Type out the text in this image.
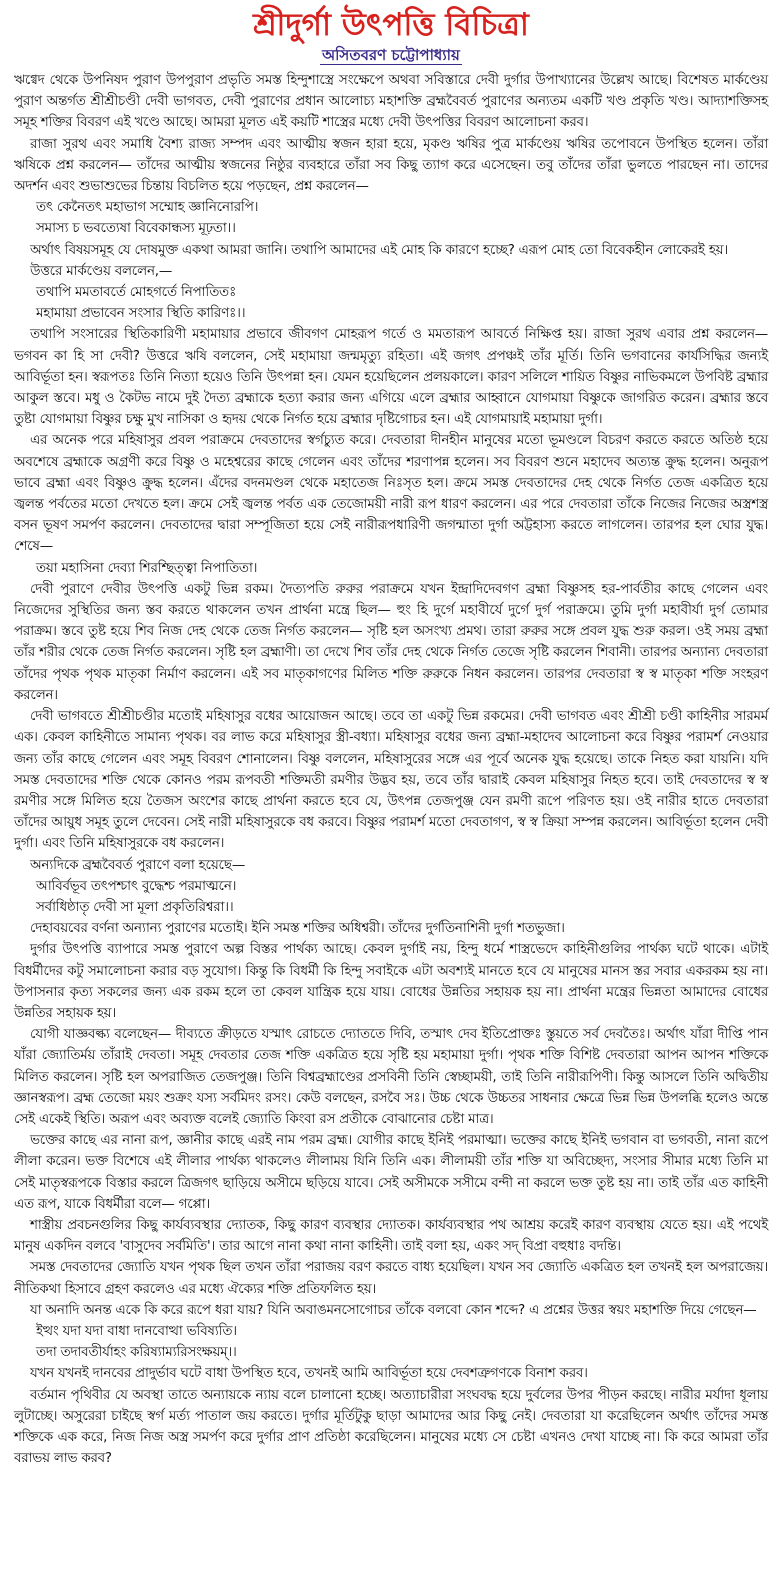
শ্রীদুর্গা উৎপত্তি বিচিত্রা
অসিতবরণ চট্টোপাধ্যায়

ঋগ্বেদ থেকে উপনিষদ পুরাণ উপপুরাণ প্রভৃতি সমস্ত হিন্দুশাস্ত্রে সংক্ষেপে অথবা সবিস্তারে দেবী দুর্গার উপাখ্যানের উল্লেখ আছে। বিশেষত মার্কণ্ডেয় পুরাণ অন্তর্গত শ্রীশ্রীচণ্ডী দেবী ভাগবত, দেবী পুরাণের প্রধান আলোচ্য মহাশক্তি ব্রহ্মবৈবর্ত পুরাণের অন্যতম একটি খণ্ড প্রকৃতি খণ্ড। আদ্যাশক্তিসহ সমূহ শক্তির বিবরণ এই খণ্ডে আছে। আমরা মূলত এই কয়টি শাস্ত্রের মধ্যে দেবী উৎপত্তির বিবরণ আলোচনা করব।

রাজা সুরথ এবং সমাধি বৈশ্য রাজ্য সম্পদ এবং আত্মীয় স্বজন হারা হয়ে, মৃকণ্ড ঋষির পুত্র মার্কণ্ডেয় ঋষির তপোবনে উপস্থিত হলেন। তাঁরা ঋষিকে প্রশ্ন করলেন— তাঁদের আত্মীয় স্বজনের নিষ্ঠুর ব্যবহারে তাঁরা সব কিছু ত্যাগ করে এসেছেন। তবু তাঁদের তাঁরা ভুলতে পারছেন না। তাদের অদর্শন এবং শুভাশুভের চিন্তায় বিচলিত হয়ে পড়ছেন, প্রশ্ন করলেন—

তৎ কেনৈতৎ মহাভাগ সম্মোহ জ্ঞানিনোরপি।

সমাস্য চ ভবত্যেষা বিবেকান্ধস্য মূঢ়তা।।

অর্থাৎ বিষয়সমূহ যে দোষমুক্ত একথা আমরা জানি। তথাপি আমাদের এই মোহ কি কারণে হচ্ছে? এরূপ মোহ তো বিবেকহীন লোকেরই হয়।

উত্তরে মার্কণ্ডেয় বললেন,—

তথাপি মমতাবর্তে মোহগর্তে নিপাতিতঃ

মহামায়া প্রভাবেন সংসার স্থিতি কারিণঃ।।

তথাপি সংসারের স্থিতিকারিণী মহামায়ার প্রভাবে জীবগণ মোহরূপ গর্তে ও মমতারূপ আবর্তে নিক্ষিপ্ত হয়। রাজা সুরথ এবার প্রশ্ন করলেন— ভগবন কা হি সা দেবী? উত্তরে ঋষি বললেন, সেই মহামায়া জন্মমৃত্যু রহিতা। এই জগৎ প্রপঞ্চই তাঁর মূর্তি। তিনি ভগবানের কার্যসিদ্ধির জন্যই আবির্ভূতা হন। স্বরূপতঃ তিনি নিত্যা হয়েও তিনি উৎপন্না হন। যেমন হয়েছিলেন প্রলয়কালে। কারণ সলিলে শায়িত বিষ্ণুর নাভিকমলে উপবিষ্ট ব্রহ্মার আকুল স্তবে। মধু ও কৈটভ নামে দুই দৈত্য ব্রহ্মাকে হত্যা করার জন্য এগিয়ে এলে ব্রহ্মার আহ্বানে যোগমায়া বিষ্ণুকে জাগরিত করেন। ব্রহ্মার স্তবে তুষ্টা যোগমায়া বিষ্ণুর চক্ষু মুখ নাসিকা ও হৃদয় থেকে নির্গত হয়ে ব্রহ্মার দৃষ্টিগোচর হন। এই যোগমায়াই মহামায়া দুর্গা।

এর অনেক পরে মহিষাসুর প্রবল পরাক্রমে দেবতাদের স্বর্গচ্যুত করে। দেবতারা দীনহীন মানুষের মতো ভূমণ্ডলে বিচরণ করতে করতে অতিষ্ঠ হয়ে অবশেষে ব্রহ্মাকে অগ্রণী করে বিষ্ণু ও মহেশ্বরের কাছে গেলেন এবং তাঁদের শরণাপন্ন হলেন। সব বিবরণ শুনে মহাদেব অত্যন্ত ক্রুদ্ধ হলেন। অনুরূপ ভাবে ব্রহ্মা এবং বিষ্ণুও ক্রুদ্ধ হলেন। এঁদের বদনমণ্ডল থেকে মহাতেজ নিঃসৃত হল। ক্রমে সমস্ত দেবতাদের দেহ থেকে নির্গত তেজ একত্রিত হয়ে জ্বলন্ত পর্বতের মতো দেখতে হল। ক্রমে সেই জ্বলন্ত পর্বত এক তেজোময়ী নারী রূপ ধারণ করলেন। এর পরে দেবতারা তাঁকে নিজের নিজের অস্ত্রশস্ত্র বসন ভূষণ সমর্পণ করলেন। দেবতাদের দ্বারা সম্পূজিতা হয়ে সেই নারীরূপধারিণী জগন্মাতা দুর্গা অট্টহাস্য করতে লাগলেন। তারপর হল ঘোর যুদ্ধ। শেষে—

তয়া মহাসিনা দেব্যা শিরশ্ছিত্ত্বা নিপাতিতা।

দেবী পুরাণে দেবীর উৎপত্তি একটু ভিন্ন রকম। দৈত্যপতি রুরুর পরাক্রমে যখন ইন্দ্রাদিদেবগণ ব্রহ্মা বিষ্ণুসহ হর-পার্বতীর কাছে গেলেন এবং নিজেদের সুস্থিতির জন্য স্তব করতে থাকলেন তখন প্রার্থনা মন্ত্রে ছিল— হুং হি দুর্গে মহাবীর্যে দুর্গে দুর্গ পরাক্রমে। তুমি দুর্গা মহাবীর্যা দুর্গ তোমার পরাক্রম। স্তবে তুষ্ট হয়ে শিব নিজ দেহ থেকে তেজ নির্গত করলেন— সৃষ্টি হল অসংখ্য প্রমথ। তারা রুরুর সঙ্গে প্রবল যুদ্ধ শুরু করল। ওই সময় ব্রহ্মা তাঁর শরীর থেকে তেজ নির্গত করলেন। সৃষ্টি হল ব্রহ্মাণী। তা দেখে শিব তাঁর দেহ থেকে নির্গত তেজে সৃষ্টি করলেন শিবানী। তারপর অন্যান্য দেবতারা তাঁদের পৃথক পৃথক মাতৃকা নির্মাণ করলেন। এই সব মাতৃকাগণের মিলিত শক্তি রুরুকে নিধন করলেন। তারপর দেবতারা স্ব স্ব মাতৃকা শক্তি সংহরণ করলেন।

দেবী ভাগবতে শ্রীশ্রীচণ্ডীর মতোই মহিষাসুর বধের আয়োজন আছে। তবে তা একটু ভিন্ন রকমের। দেবী ভাগবত এবং শ্রীশ্রী চণ্ডী কাহিনীর সারমর্ম এক। কেবল কাহিনীতে সামান্য পৃথক। বর লাভ করে মহিষাসুর স্ত্রী-বধ্যা। মহিষাসুর বধের জন্য ব্রহ্মা-মহাদেব আলোচনা করে বিষ্ণুর পরামর্শ নেওয়ার জন্য তাঁর কাছে গেলেন এবং সমূহ বিবরণ শোনালেন। বিষ্ণু বললেন, মহিষাসুরের সঙ্গে এর পূর্বে অনেক যুদ্ধ হয়েছে। তাকে নিহত করা যায়নি। যদি সমস্ত দেবতাদের শক্তি থেকে কোনও পরম রূপবতী শক্তিমতী রমণীর উদ্ভব হয়, তবে তাঁর দ্বারাই কেবল মহিষাসুর নিহত হবে। তাই দেবতাদের স্ব স্ব রমণীর সঙ্গে মিলিত হয়ে তৈজস অংশের কাছে প্রার্থনা করতে হবে যে, উৎপন্ন তেজপুঞ্জ যেন রমণী রূপে পরিণত হয়। ওই নারীর হাতে দেবতারা তাঁদের আয়ুধ সমূহ তুলে দেবেন। সেই নারী মহিষাসুরকে বধ করবে। বিষ্ণুর পরামর্শ মতো দেবতাগণ, স্ব স্ব ক্রিয়া সম্পন্ন করলেন। আবির্ভূতা হলেন দেবী দুর্গা। এবং তিনি মহিষাসুরকে বধ করলেন।

অন্যদিকে ব্রহ্মবৈবর্ত পুরাণে বলা হয়েছে—

আবির্বভূব তৎপশ্চাৎ বুদ্ধেশ্চ পরমাত্মনে।

সর্বাধিষ্ঠাতৃ দেবী সা মূলা প্রকৃতিরিশ্বরা।।

দেহাবয়বের বর্ণনা অন্যান্য পুরাণের মতোই। ইনি সমস্ত শক্তির অধিশ্বরী। তাঁদের দুর্গতিনাশিনী দুর্গা শতভুজা।

দুর্গার উৎপত্তি ব্যাপারে সমস্ত পুরাণে অল্প বিস্তর পার্থক্য আছে। কেবল দুর্গাই নয়, হিন্দু ধর্মে শাস্ত্রভেদে কাহিনীগুলির পার্থক্য ঘটে থাকে। এটাই বিধর্মীদের কটু সমালোচনা করার বড় সুযোগ। কিন্তু কি বিধর্মী কি হিন্দু সবাইকে এটা অবশ্যই মানতে হবে যে মানুষের মানস স্তর সবার একরকম হয় না। উপাসনার কৃত্য সকলের জন্য এক রকম হলে তা কেবল যান্ত্রিক হয়ে যায়। বোধের উন্নতির সহায়ক হয় না। প্রার্থনা মন্ত্রের ভিন্নতা আমাদের বোধের উন্নতির সহায়ক হয়।

যোগী যাজ্ঞবল্ক্য বলেছেন— দীব্যতে ক্রীড়তে যস্মাৎ রোচতে দ্যোততে দিবি, তস্মাৎ দেব ইতিপ্রোক্তঃ স্তুয়তে সর্ব দেবতৈঃ। অর্থাৎ যাঁরা দীপ্তি পান যাঁরা জ্যোতির্ময় তাঁরাই দেবতা। সমূহ দেবতার তেজ শক্তি একত্রিত হয়ে সৃষ্টি হয় মহামায়া দুর্গা। পৃথক শক্তি বিশিষ্ট দেবতারা আপন আপন শক্তিকে মিলিত করলেন। সৃষ্টি হল অপরাজিত তেজপুঞ্জ। তিনি বিশ্বব্রহ্মাণ্ডের প্রসবিনী তিনি স্বেচ্ছাময়ী, তাই তিনি নারীরূপিণী। কিন্তু আসলে তিনি অদ্বিতীয় জ্ঞানস্বরূপ। ব্রহ্ম তেজো ময়ং শুক্রং যস্য সর্বমিদং রসং। কেউ বলছেন, রসবৈ সঃ। উচ্চ থেকে উচ্চতর সাধনার ক্ষেত্রে ভিন্ন ভিন্ন উপলব্ধি হলেও অন্তে সেই একেই স্থিতি। অরূপ এবং অব্যক্ত বলেই জ্যোতি কিংবা রস প্রতীকে বোঝানোর চেষ্টা মাত্র।

ভক্তের কাছে এর নানা রূপ, জ্ঞানীর কাছে এরই নাম পরম ব্রহ্ম। যোগীর কাছে ইনিই পরমাত্মা। ভক্তের কাছে ইনিই ভগবান বা ভগবতী, নানা রূপে লীলা করেন। ভক্ত বিশেষে এই লীলার পার্থক্য থাকলেও লীলাময় যিনি তিনি এক। লীলাময়ী তাঁর শক্তি যা অবিচ্ছেদ্য, সংসার সীমার মধ্যে তিনি মা সেই মাতৃস্বরূপকে বিস্তার করলে ত্রিজগৎ ছাড়িয়ে অসীমে ছড়িয়ে যাবে। সেই অসীমকে সসীমে বন্দী না করলে ভক্ত তুষ্ট হয় না। তাই তাঁর এত কাহিনী এত রূপ, যাকে বিধর্মীরা বলে— গপ্পো।

শাস্ত্রীয় প্রবচনগুলির কিছু কার্যব্যবস্থার দ্যোতক, কিছু কারণ ব্যবস্থার দ্যোতক। কার্যব্যবস্থার পথ আশ্রয় করেই কারণ ব্যবস্থায় যেতে হয়। এই পথেই মানুষ একদিন বলবে 'বাসুদেব সর্বমিতি'। তার আগে নানা কথা নানা কাহিনী। তাই বলা হয়, একং সদ্ বিপ্রা বহুধাঃ বদন্তি।

সমস্ত দেবতাদের জ্যোতি যখন পৃথক ছিল তখন তাঁরা পরাজয় বরণ করতে বাধ্য হয়েছিল। যখন সব জ্যোতি একত্রিত হল তখনই হল অপরাজেয়। নীতিকথা হিসাবে গ্রহণ করলেও এর মধ্যে ঐক্যের শক্তি প্রতিফলিত হয়।

যা অনাদি অনন্ত একে কি করে রূপে ধরা যায়? যিনি অবাঙমনসোগোচর তাঁকে বলবো কোন শব্দে? এ প্রশ্নের উত্তর স্বয়ং মহাশক্তি দিয়ে গেছেন—

ইত্থং যদা যদা বাধা দানবোত্থা ভবিষ্যতি।

তদা তদাবতীর্যাহং করিষ্যাম্যরিসংক্ষয়ম্।।

যখন যখনই দানবের প্রাদুর্ভাব ঘটে বাধা উপস্থিত হবে, তখনই আমি আবির্ভূতা হয়ে দেবশত্রুগণকে বিনাশ করব।

বর্তমান পৃথিবীর যে অবস্থা তাতে অন্যায়কে ন্যায় বলে চালানো হচ্ছে। অত্যাচারীরা সংঘবদ্ধ হয়ে দুর্বলের উপর পীড়ন করছে। নারীর মর্যাদা ধূলায় লুটাচ্ছে। অসুরেরা চাইছে স্বর্গ মর্ত্য পাতাল জয় করতে। দুর্গার মূর্তিটুকু ছাড়া আমাদের আর কিছু নেই। দেবতারা যা করেছিলেন অর্থাৎ তাঁদের সমস্ত শক্তিকে এক করে, নিজ নিজ অস্ত্র সমর্পণ করে দুর্গার প্রাণ প্রতিষ্ঠা করেছিলেন। মানুষের মধ্যে সে চেষ্টা এখনও দেখা যাচ্ছে না। কি করে আমরা তাঁর বরাভয় লাভ করব?
